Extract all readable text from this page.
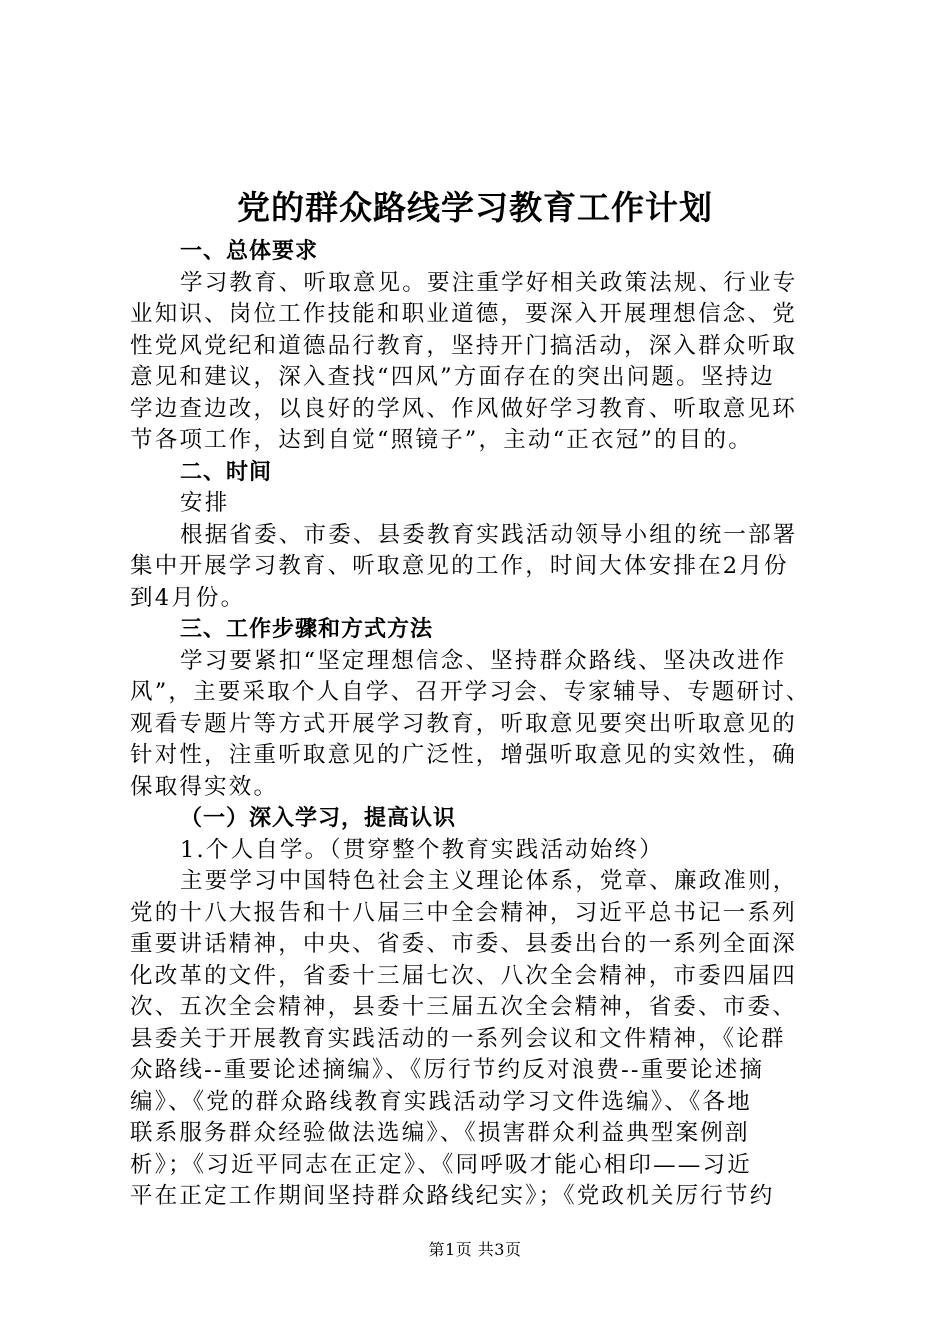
党的群众路线学习教育工作计划
一、总体要求
学习教育、听取意见。要注重学好相关政策法规、行业专
业知识、岗位工作技能和职业道德，要深入开展理想信念、党
性党风党纪和道德品行教育，坚持开门搞活动，深入群众听取
意见和建议，深入查找“四风”方面存在的突出问题。坚持边
学边查边改，以良好的学风、作风做好学习教育、听取意见环
节各项工作，达到自觉“照镜子”，主动“正衣冠”的目的。
二、时间
安排
根据省委、市委、县委教育实践活动领导小组的统一部署
集中开展学习教育、听取意见的工作，时间大体安排在2月份
到4月份。
三、工作步骤和方式方法
学习要紧扣“坚定理想信念、坚持群众路线、坚决改进作
风”，主要采取个人自学、召开学习会、专家辅导、专题研讨、
观看专题片等方式开展学习教育，听取意见要突出听取意见的
针对性，注重听取意见的广泛性，增强听取意见的实效性，确
保取得实效。
（一）深入学习，提高认识
1.个人自学。（贯穿整个教育实践活动始终）
主要学习中国特色社会主义理论体系，党章、廉政准则，
党的十八大报告和十八届三中全会精神，习近平总书记一系列
重要讲话精神，中央、省委、市委、县委出台的一系列全面深
化改革的文件，省委十三届七次、八次全会精神，市委四届四
次、五次全会精神，县委十三届五次全会精神，省委、市委、
县委关于开展教育实践活动的一系列会议和文件精神，《论群
众路线--重要论述摘编》、《厉行节约反对浪费--重要论述摘
编》、《党的群众路线教育实践活动学习文件选编》、《各地
联系服务群众经验做法选编》、《损害群众利益典型案例剖
析》；《习近平同志在正定》、《同呼吸才能心相印——习近
平在正定工作期间坚持群众路线纪实》；《党政机关厉行节约
第1页 共3页
